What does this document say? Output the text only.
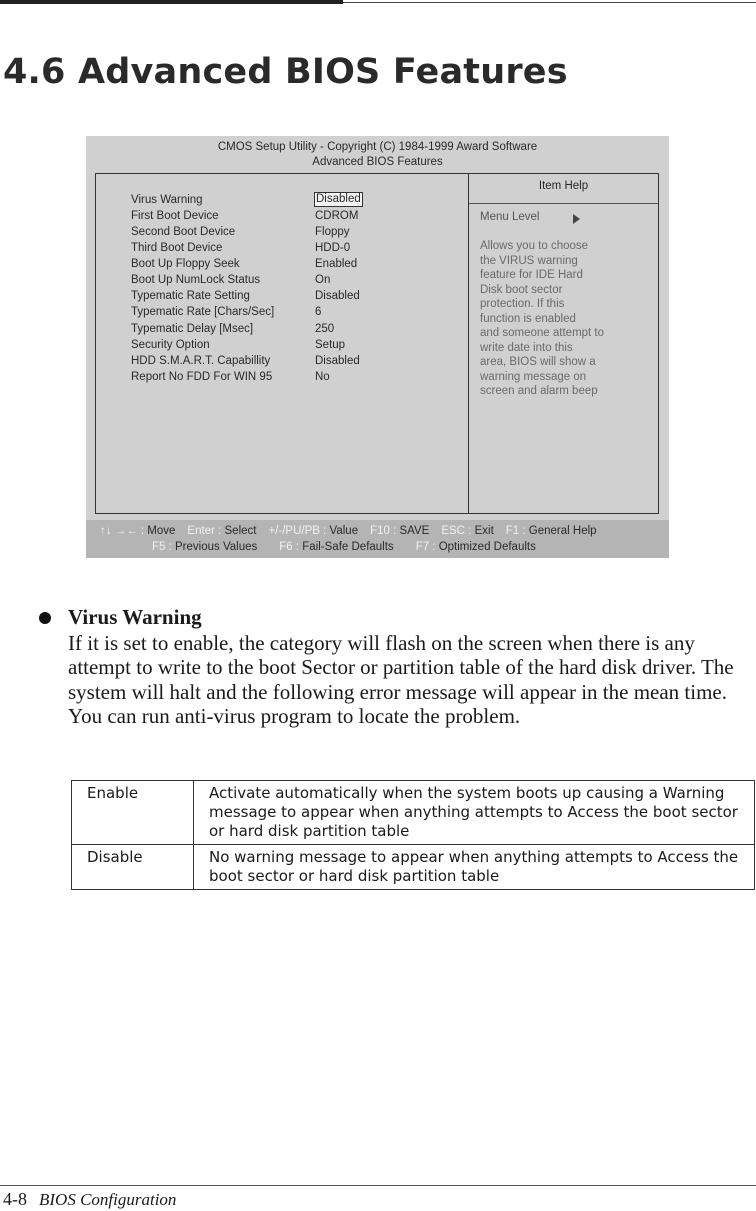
4.6 Advanced BIOS Features
CMOS Setup Utility - Copyright (C) 1984-1999 Award Software
Advanced BIOS Features
Virus Warning	Disabled
First Boot Device	CDROM
Second Boot Device	Floppy
Third Boot Device	HDD-0
Boot Up Floppy Seek	Enabled
Boot Up NumLock Status	On
Typematic Rate Setting	Disabled
Typematic Rate [Chars/Sec]	6
Typematic Delay [Msec]	250
Security Option	Setup
HDD S.M.A.R.T. Capabillity	Disabled
Report No FDD For WIN 95	No
Item Help
Menu Level
Allows you to choose
the VIRUS warning
feature for IDE Hard
Disk boot sector
protection. If this
function is enabled
and someone attempt to
write date into this
area, BIOS will show a
warning message on
screen and alarm beep
↑↓ →← : Move Enter : Select +/-/PU/PB : Value F10 : SAVE ESC : Exit F1 : General Help
F5 : Previous Values F6 : Fail-Safe Defaults F7 : Optimized Defaults
Virus Warning
If it is set to enable, the category will flash on the screen when there is any attempt to write to the boot Sector or partition table of the hard disk driver. The system will halt and the following error message will appear in the mean time.
You can run anti-virus program to locate the problem.
Enable	Activate automatically when the system boots up causing a Warning message to appear when anything attempts to Access the boot sector or hard disk partition table
Disable	No warning message to appear when anything attempts to Access the boot sector or hard disk partition table
4-8 BIOS Configuration
